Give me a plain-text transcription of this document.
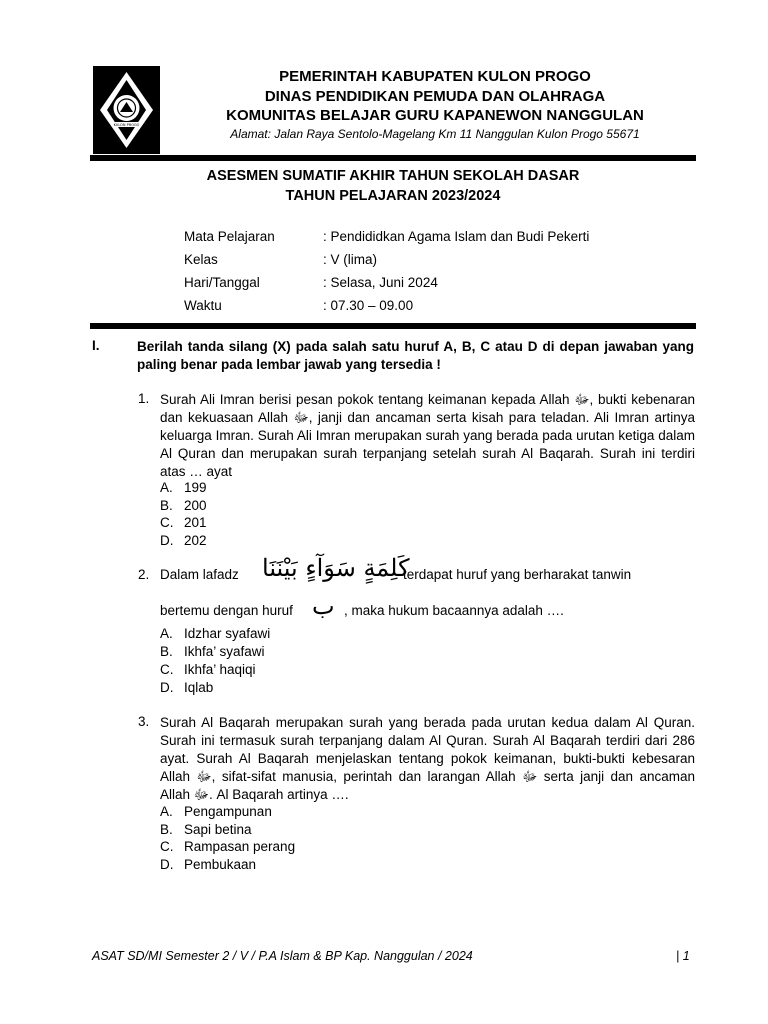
KULON PROGO
PEMERINTAH KABUPATEN KULON PROGO
DINAS PENDIDIKAN PEMUDA DAN OLAHRAGA
KOMUNITAS BELAJAR GURU KAPANEWON NANGGULAN
Alamat: Jalan Raya Sentolo-Magelang Km 11 Nanggulan Kulon Progo 55671
ASESMEN SUMATIF AKHIR TAHUN SEKOLAH DASAR
TAHUN PELAJARAN 2023/2024
Mata Pelajaran	: Pendididkan Agama Islam dan Budi Pekerti
Kelas	: V (lima)
Hari/Tanggal	: Selasa, Juni 2024
Waktu	: 07.30 – 09.00
I.	Berilah tanda silang (X) pada salah satu huruf A, B, C atau D di depan jawaban yang paling benar pada lembar jawab yang tersedia !
1. Surah Ali Imran berisi pesan pokok tentang keimanan kepada Allah ﷻ, bukti kebenaran dan kekuasaan Allah ﷻ, janji dan ancaman serta kisah para teladan. Ali Imran artinya keluarga Imran. Surah Ali Imran merupakan surah yang berada pada urutan ketiga dalam Al Quran dan merupakan surah terpanjang setelah surah Al Baqarah. Surah ini terdiri atas … ayat
A. 199
B. 200
C. 201
D. 202
2. Dalam lafadz كَلِمَةٍ سَوَآءٍ بَيْنَنَا
terdapat huruf yang berharakat tanwin
bertemu dengan huruf ب , maka hukum bacaannya adalah ….
A. Idzhar syafawi
B. Ikhfa’ syafawi
C. Ikhfa’ haqiqi
D. Iqlab
3. Surah Al Baqarah merupakan surah yang berada pada urutan kedua dalam Al Quran. Surah ini termasuk surah terpanjang dalam Al Quran. Surah Al Baqarah terdiri dari 286 ayat. Surah Al Baqarah menjelaskan tentang pokok keimanan, bukti-bukti kebesaran Allah ﷻ, sifat-sifat manusia, perintah dan larangan Allah ﷻ serta janji dan ancaman Allah ﷻ. Al Baqarah artinya ….
A. Pengampunan
B. Sapi betina
C. Rampasan perang
D. Pembukaan
ASAT SD/MI Semester 2 / V / P.A Islam & BP Kap. Nanggulan / 2024	| 1
